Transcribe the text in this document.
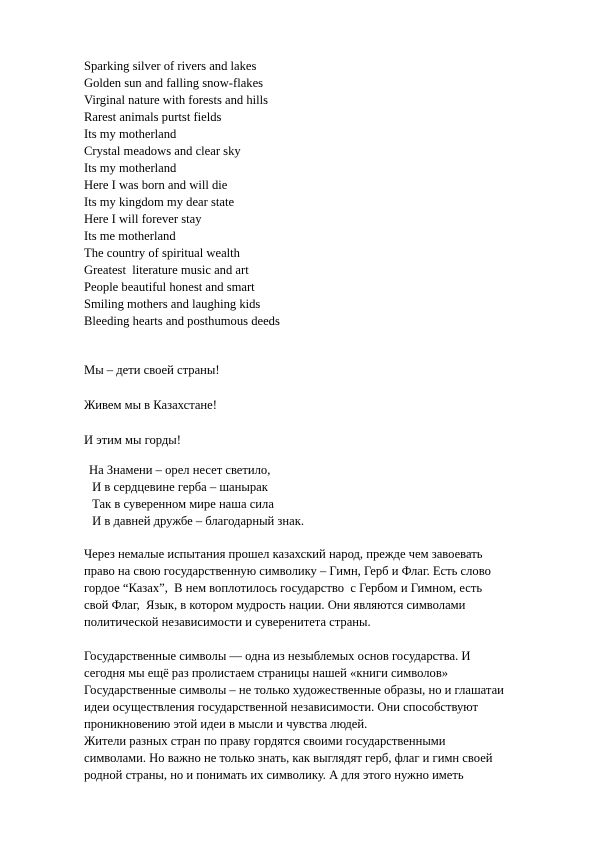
Sparking silver of rivers and lakes
Golden sun and falling snow-flakes
Virginal nature with forests and hills
Rarest animals purtst fields
Its my motherland
Crystal meadows and clear sky
Its my motherland
Here I was born and will die
Its my kingdom my dear state
Here I will forever stay
Its me motherland
The country of spiritual wealth
Greatest  literature music and art
People beautiful honest and smart
Smiling mothers and laughing kids
Bleeding hearts and posthumous deeds
Мы – дети своей страны!
Живем мы в Казахстане!
И этим мы горды!
На Знамени – орел несет светило,
И в сердцевине герба – шанырак
Так в суверенном мире наша сила
И в давней дружбе – благодарный знак.
Через немалые испытания прошел казахский народ, прежде чем завоевать
право на свою государственную символику – Гимн, Герб и Флаг. Есть слово
гордое “Казах”,  В нем воплотилось государство  с Гербом и Гимном, есть
свой Флаг,  Язык, в котором мудрость нации. Они являются символами
политической независимости и суверенитета страны.
Государственные символы — одна из незыблемых основ государства. И
сегодня мы ещё раз пролистаем страницы нашей «книги символов»
Государственные символы – не только художественные образы, но и глашатаи
идеи осуществления государственной независимости. Они способствуют
проникновению этой идеи в мысли и чувства людей.
Жители разных стран по праву гордятся своими государственными
символами. Но важно не только знать, как выглядят герб, флаг и гимн своей
родной страны, но и понимать их символику. А для этого нужно иметь
